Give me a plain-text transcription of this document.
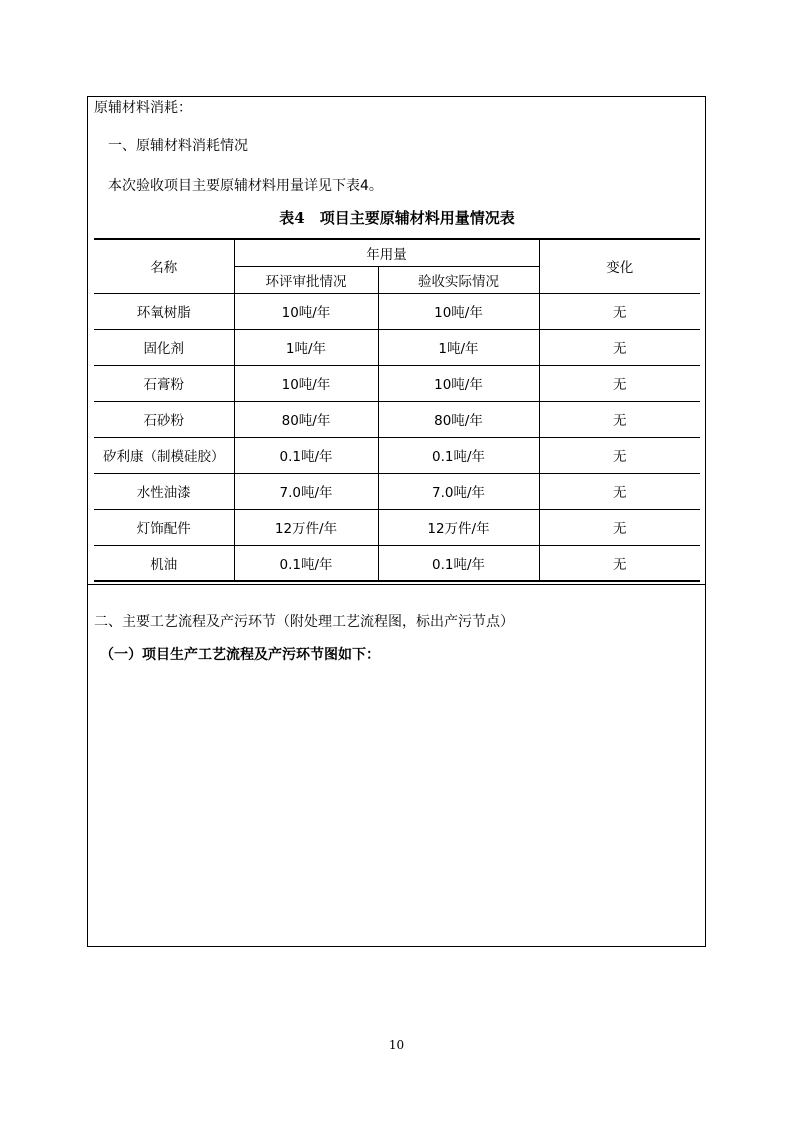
原辅材料消耗：
一、原辅材料消耗情况
本次验收项目主要原辅材料用量详见下表4。
表4　项目主要原辅材料用量情况表
名称	年用量		变化
	环评审批情况	验收实际情况	
环氧树脂	10吨/年	10吨/年	无
固化剂	1吨/年	1吨/年	无
石膏粉	10吨/年	10吨/年	无
石砂粉	80吨/年	80吨/年	无
矽利康（制模硅胶）	0.1吨/年	0.1吨/年	无
水性油漆	7.0吨/年	7.0吨/年	无
灯饰配件	12万件/年	12万件/年	无
机油	0.1吨/年	0.1吨/年	无
二、主要工艺流程及产污环节（附处理工艺流程图，标出产污节点）
（一）项目生产工艺流程及产污环节图如下：
10
